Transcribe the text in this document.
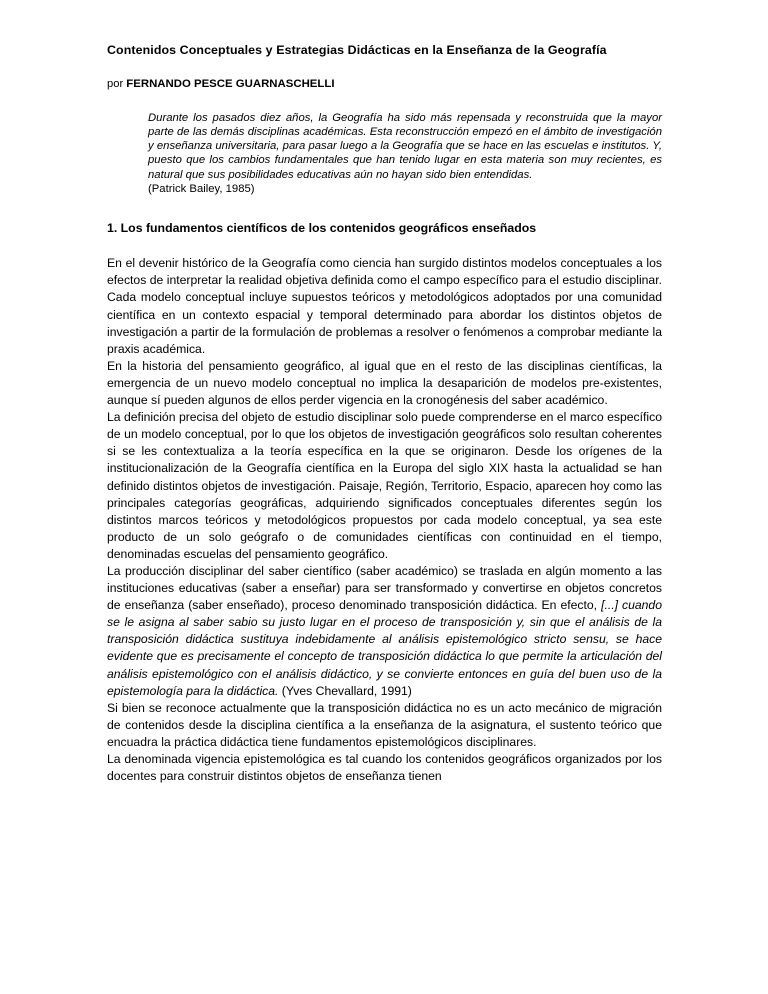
Contenidos Conceptuales y Estrategias Didácticas en la Enseñanza de la Geografía
por FERNANDO PESCE GUARNASCHELLI
Durante los pasados diez años, la Geografía ha sido más repensada y reconstruida que la mayor parte de las demás disciplinas académicas. Esta reconstrucción empezó en el ámbito de investigación y enseñanza universitaria, para pasar luego a la Geografía que se hace en las escuelas e institutos. Y, puesto que los cambios fundamentales que han tenido lugar en esta materia son muy recientes, es natural que sus posibilidades educativas aún no hayan sido bien entendidas.
(Patrick Bailey, 1985)
1. Los fundamentos científicos de los contenidos geográficos enseñados

En el devenir histórico de la Geografía como ciencia han surgido distintos modelos conceptuales a los efectos de interpretar la realidad objetiva definida como el campo específico para el estudio disciplinar. Cada modelo conceptual incluye supuestos teóricos y metodológicos adoptados por una comunidad científica en un contexto espacial y temporal determinado para abordar los distintos objetos de investigación a partir de la formulación de problemas a resolver o fenómenos a comprobar mediante la praxis académica.

En la historia del pensamiento geográfico, al igual que en el resto de las disciplinas científicas, la emergencia de un nuevo modelo conceptual no implica la desaparición de modelos pre-existentes, aunque sí pueden algunos de ellos perder vigencia en la cronogénesis del saber académico.

La definición precisa del objeto de estudio disciplinar solo puede comprenderse en el marco específico de un modelo conceptual, por lo que los objetos de investigación geográficos solo resultan coherentes si se les contextualiza a la teoría específica en la que se originaron. Desde los orígenes de la institucionalización de la Geografía científica en la Europa del siglo XIX hasta la actualidad se han definido distintos objetos de investigación. Paisaje, Región, Territorio, Espacio, aparecen hoy como las principales categorías geográficas, adquiriendo significados conceptuales diferentes según los distintos marcos teóricos y metodológicos propuestos por cada modelo conceptual, ya sea este producto de un solo geógrafo o de comunidades científicas con continuidad en el tiempo, denominadas escuelas del pensamiento geográfico.

La producción disciplinar del saber científico (saber académico) se traslada en algún momento a las instituciones educativas (saber a enseñar) para ser transformado y convertirse en objetos concretos de enseñanza (saber enseñado), proceso denominado transposición didáctica. En efecto, [...] cuando se le asigna al saber sabio su justo lugar en el proceso de transposición y, sin que el análisis de la transposición didáctica sustituya indebidamente al análisis epistemológico stricto sensu, se hace evidente que es precisamente el concepto de transposición didáctica lo que permite la articulación del análisis epistemológico con el análisis didáctico, y se convierte entonces en guía del buen uso de la epistemología para la didáctica. (Yves Chevallard, 1991)

Si bien se reconoce actualmente que la transposición didáctica no es un acto mecánico de migración de contenidos desde la disciplina científica a la enseñanza de la asignatura, el sustento teórico que encuadra la práctica didáctica tiene fundamentos epistemológicos disciplinares.

La denominada vigencia epistemológica es tal cuando los contenidos geográficos organizados por los docentes para construir distintos objetos de enseñanza tienen
